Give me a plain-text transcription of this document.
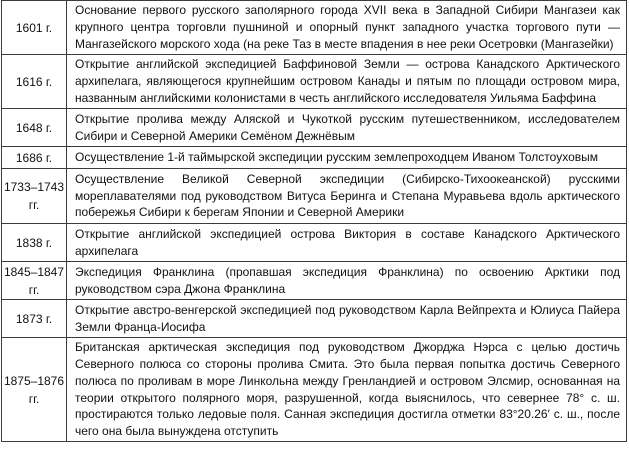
1601 г.	Основание первого русского заполярного города XVII века в Западной Сибири Мангазеи как крупного центра торговли пушниной и опорный пункт западного участка торгового пути — Мангазейского морского хода (на реке Таз в месте впадения в нее реки Осетровки (Мангазейки)
1616 г.	Открытие английской экспедицией Баффиновой Земли — острова Канадского Арктического архипелага, являющегося крупнейшим островом Канады и пятым по площади островом мира, названным английскими колонистами в честь английского исследователя Уильяма Баффина
1648 г.	Открытие пролива между Аляской и Чукоткой русским путешественником, исследователем Сибири и Северной Америки Семёном Дежнёвым
1686 г.	Осуществление 1-й таймырской экспедиции русским землепроходцем Иваном Толстоуховым

1733–1743 гг.	Осуществление Великой Северной экспедиции (Сибирско-Тихоокеанской) русскими мореплавателями под руководством Витуса Беринга и Степана Муравьева вдоль арктического побережья Сибири к берегам Японии и Северной Америки
1838 г.	Открытие английской экспедицией острова Виктория в составе Канадского Арктического архипелага

1845–1847 гг.	Экспедиция Франклина (пропавшая экспедиция Франклина) по освоению Арктики под руководством сэра Джона Франклина
1873 г.	Открытие австро-венгерской экспедицией под руководством Карла Вейпрехта и Юлиуса Пайера Земли Франца-Иосифа

1875–1876 гг.	Британская арктическая экспедиция под руководством Джорджа Нэрса с целью достичь Северного полюса со стороны пролива Смита. Это была первая попытка достичь Северного полюса по проливам в море Линкольна между Гренландией и островом Элсмир, основанная на теории открытого полярного моря, разрушенной, когда выяснилось, что севернее 78° с. ш. простираются только ледовые поля. Санная экспедиция достигла отметки 83°20.26′ с. ш., после чего она была вынуждена отступить
